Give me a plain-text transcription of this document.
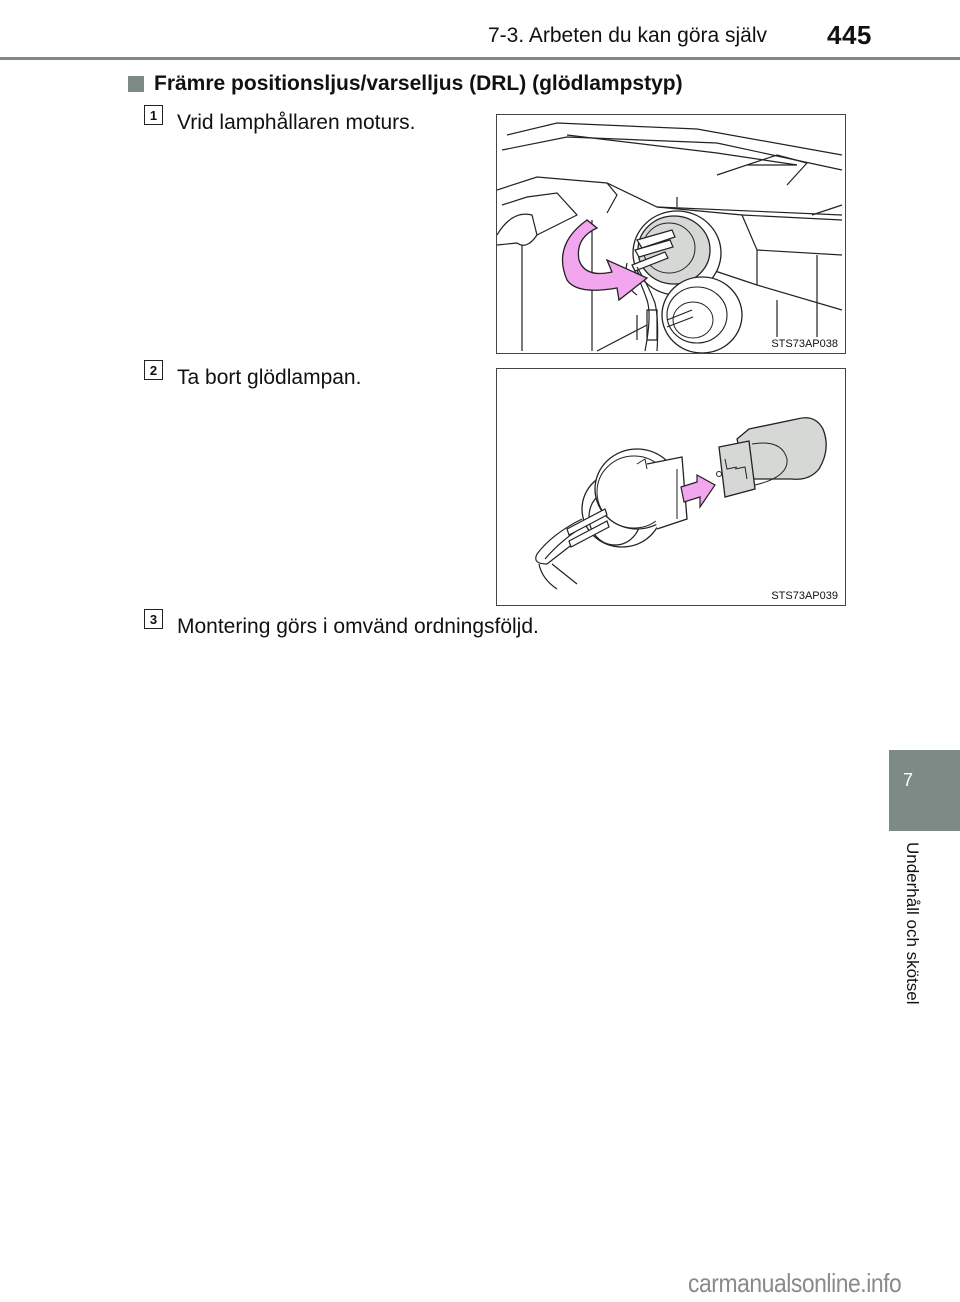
7-3. Arbeten du kan göra själv 445
Främre positionsljus/varselljus (DRL) (glödlampstyp)
1 Vrid lamphållaren moturs.
STS73AP038
2 Ta bort glödlampan.
STS73AP039
3 Montering görs i omvänd ordningsföljd.
7
Underhåll och skötsel
carmanualsonline.info
